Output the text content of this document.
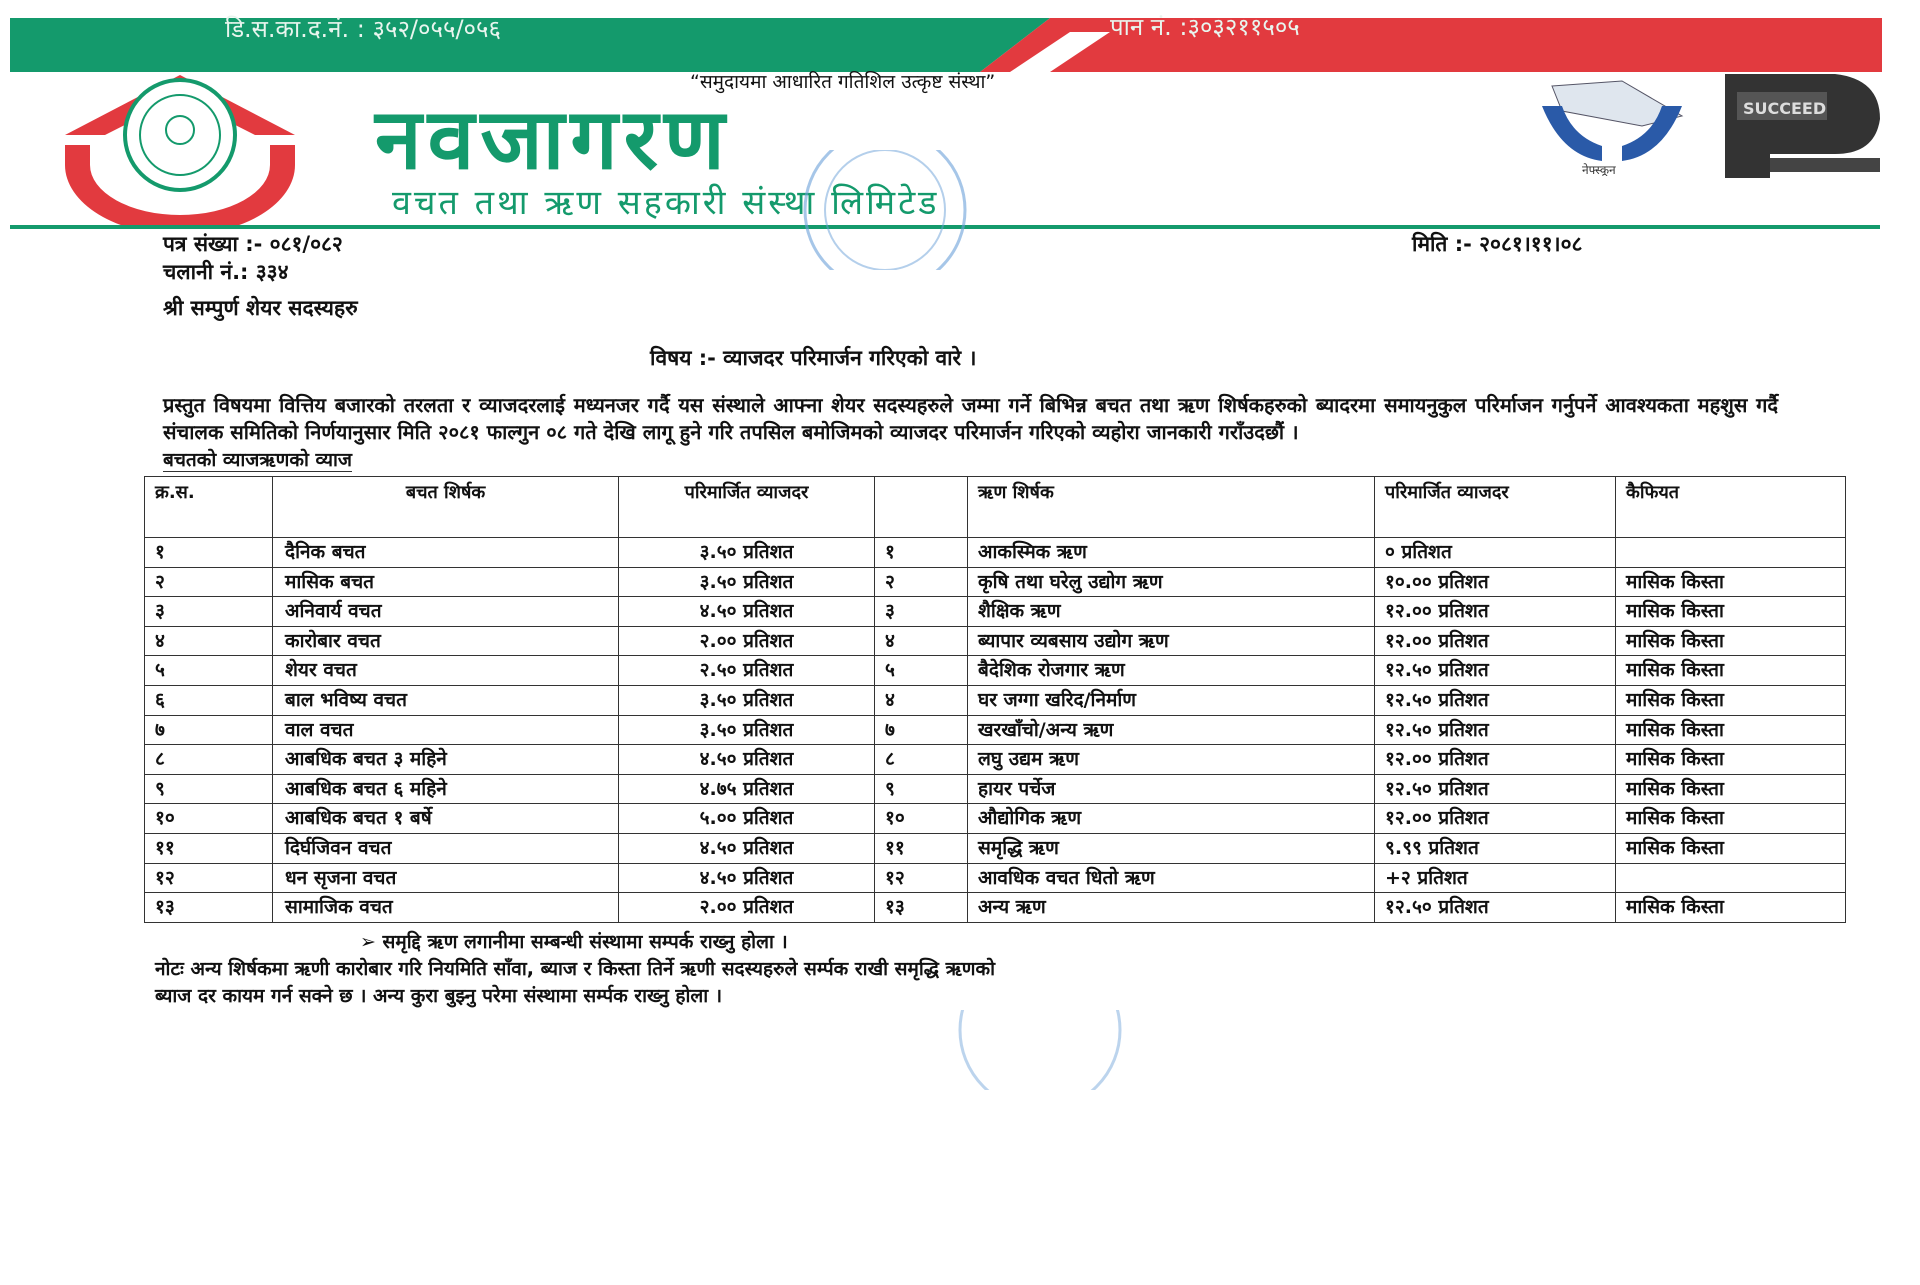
डि.स.का.द.नं. : ३५२/०५५/०५६	पान नं. :३०३२११५०५
“समुदायमा आधारित गतिशिल उत्कृष्ट संस्था”
नवजागरण
वचत तथा ऋण सहकारी संस्था लिमिटेड
नेफ्स्कून
SUCCEED
पत्र संख्या :- ०८१/०८२
चलानी नं.: ३३४
मिति :- २०८१।११।०८
श्री सम्पुर्ण शेयर सदस्यहरु
विषय :- व्याजदर परिमार्जन गरिएको वारे ।
प्रस्तुत विषयमा वित्तिय बजारको तरलता र व्याजदरलाई मध्यनजर गर्दै यस संस्थाले आफ्ना शेयर सदस्यहरुले जम्मा गर्ने बिभिन्न बचत तथा ऋण शिर्षकहरुको ब्यादरमा समायनुकुल परिर्माजन गर्नुपर्ने आवश्यकता महशुस गर्दै संचालक समितिको निर्णयानुसार मिति २०८१ फाल्गुन ०८ गते देखि लागू हुने गरि तपसिल बमोजिमको व्याजदर परिमार्जन गरिएको व्यहोरा जानकारी गराँउदछौं ।
बचतको व्याजऋणको व्याज
क्र.स.	बचत शिर्षक	परिमार्जित व्याजदर		ऋण शिर्षक	परिमार्जित व्याजदर	कैफियत
१	दैनिक बचत	३.५० प्रतिशत	१	आकस्मिक ऋण	० प्रतिशत	
२	मासिक बचत	३.५० प्रतिशत	२	कृषि तथा घरेलु उद्योग ऋण	१०.०० प्रतिशत	मासिक किस्ता
३	अनिवार्य वचत	४.५० प्रतिशत	३	शैक्षिक ऋण	१२.०० प्रतिशत	मासिक किस्ता
४	कारोबार वचत	२.०० प्रतिशत	४	ब्यापार व्यबसाय उद्योग ऋण	१२.०० प्रतिशत	मासिक किस्ता
५	शेयर वचत	२.५० प्रतिशत	५	बैदेशिक रोजगार ऋण	१२.५० प्रतिशत	मासिक किस्ता
६	बाल भविष्य वचत	३.५० प्रतिशत	४	घर जग्गा खरिद/निर्माण	१२.५० प्रतिशत	मासिक किस्ता
७	वाल वचत	३.५० प्रतिशत	७	खरखाँचो/अन्य ऋण	१२.५० प्रतिशत	मासिक किस्ता
८	आबधिक बचत ३ महिने	४.५० प्रतिशत	८	लघु उद्यम ऋण	१२.०० प्रतिशत	मासिक किस्ता
९	आबधिक बचत ६ महिने	४.७५ प्रतिशत	९	हायर पर्चेज	१२.५० प्रतिशत	मासिक किस्ता
१०	आबधिक बचत १ बर्षे	५.०० प्रतिशत	१०	औद्योगिक ऋण	१२.०० प्रतिशत	मासिक किस्ता
११	दिर्घजिवन वचत	४.५० प्रतिशत	११	समृद्धि ऋण	९.९९ प्रतिशत	मासिक किस्ता
१२	धन सृजना वचत	४.५० प्रतिशत	१२	आवधिक वचत धितो ऋण	+२ प्रतिशत	
१३	सामाजिक वचत	२.०० प्रतिशत	१३	अन्य ऋण	१२.५० प्रतिशत	मासिक किस्ता
➢ समृद्दि ऋण लगानीमा सम्बन्धी संस्थामा सम्पर्क राख्नु होला ।
नोटः अन्य शिर्षकमा ऋणी कारोबार गरि नियमिति साँवा, ब्याज र किस्ता तिर्ने ऋणी सदस्यहरुले सर्म्पक राखी समृद्धि ऋणको
ब्याज दर कायम गर्न सक्ने छ । अन्य कुरा बुझ्नु परेमा संस्थामा सर्म्पक राख्नु होला ।
